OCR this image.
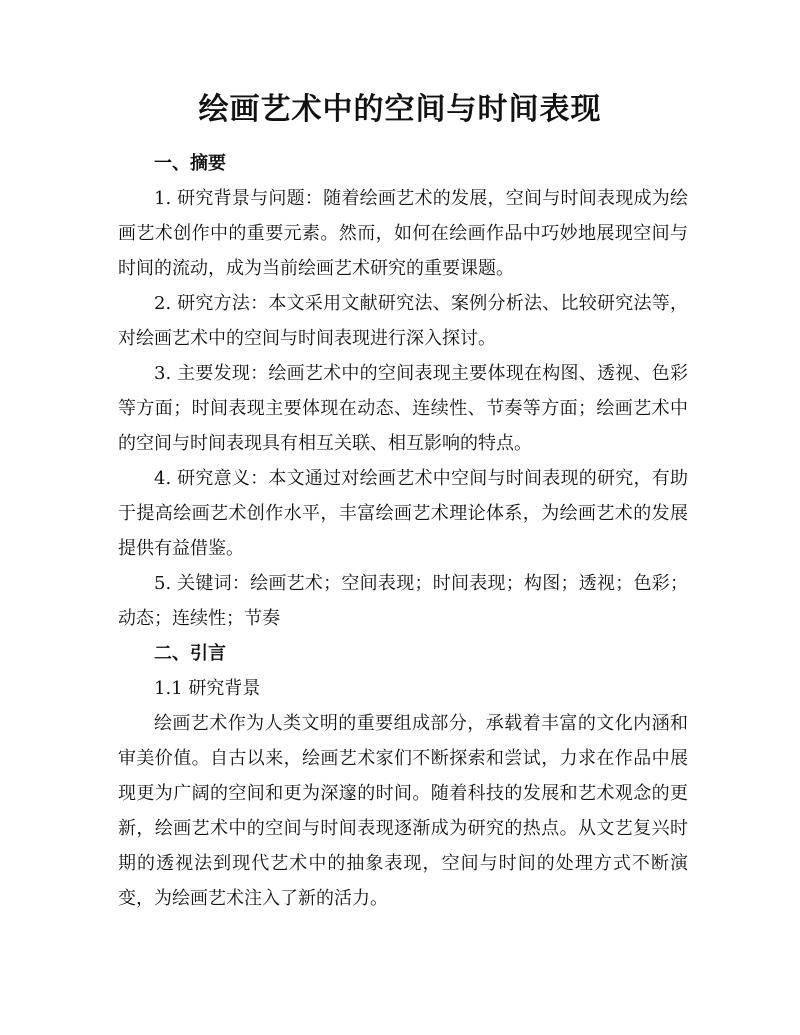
绘画艺术中的空间与时间表现
一、摘要

1. 研究背景与问题：随着绘画艺术的发展，空间与时间表现成为绘画艺术创作中的重要元素。然而，如何在绘画作品中巧妙地展现空间与时间的流动，成为当前绘画艺术研究的重要课题。

2. 研究方法：本文采用文献研究法、案例分析法、比较研究法等，对绘画艺术中的空间与时间表现进行深入探讨。

3. 主要发现：绘画艺术中的空间表现主要体现在构图、透视、色彩等方面；时间表现主要体现在动态、连续性、节奏等方面；绘画艺术中的空间与时间表现具有相互关联、相互影响的特点。

4. 研究意义：本文通过对绘画艺术中空间与时间表现的研究，有助于提高绘画艺术创作水平，丰富绘画艺术理论体系，为绘画艺术的发展提供有益借鉴。

5. 关键词：绘画艺术；空间表现；时间表现；构图；透视；色彩；动态；连续性；节奏

二、引言

1.1 研究背景

绘画艺术作为人类文明的重要组成部分，承载着丰富的文化内涵和审美价值。自古以来，绘画艺术家们不断探索和尝试，力求在作品中展现更为广阔的空间和更为深邃的时间。随着科技的发展和艺术观念的更新，绘画艺术中的空间与时间表现逐渐成为研究的热点。从文艺复兴时期的透视法到现代艺术中的抽象表现，空间与时间的处理方式不断演变，为绘画艺术注入了新的活力。
